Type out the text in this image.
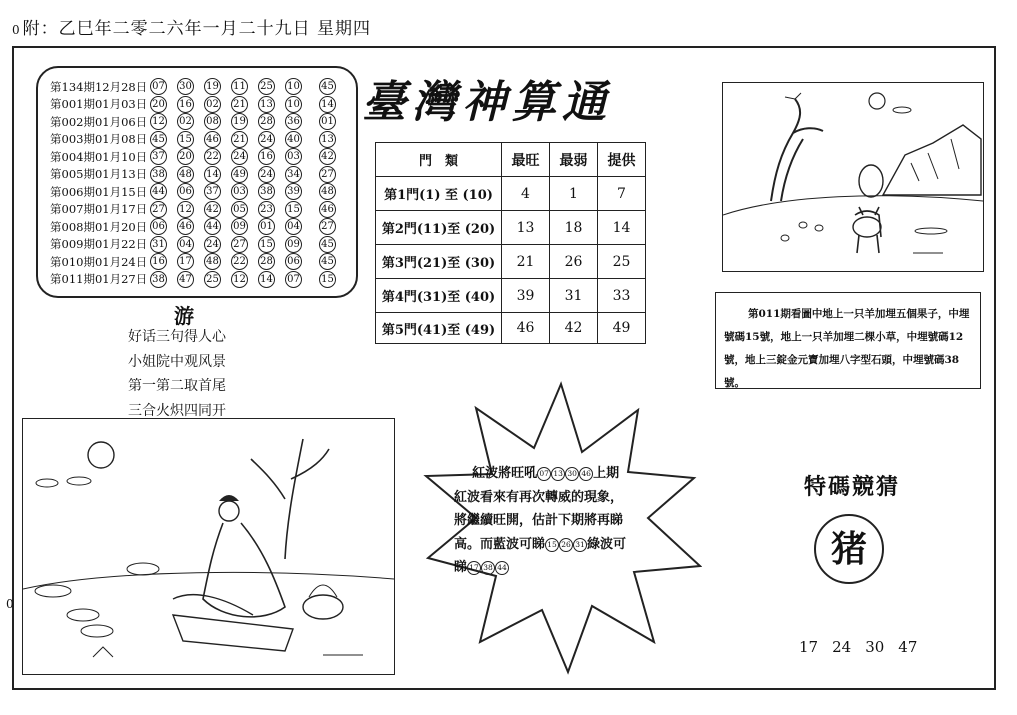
0 附：乙巳年二零二六年一月二十九日 星期四
0
第134期12月28日 07 30 19 11 25 10 45
第001期01月03日 20 16 02 21 13 10 14
第002期01月06日 12 02 08 19 28 36 01
第003期01月08日 45 15 46 21 24 40 13
第004期01月10日 37 20 22 24 16 03 42
第005期01月13日 38 48 14 49 24 34 27
第006期01月15日 44 06 37 03 38 39 48
第007期01月17日 27 12 42 05 23 15 46
第008期01月20日 06 46 44 09 01 04 27
第009期01月22日 31 04 24 27 15 09 45
第010期01月24日 16 17 48 22 28 06 45
第011期01月27日 38 47 25 12 14 07 15
游
好话三句得人心
小姐院中观风景
第一第二取首尾
三合火炽四同开
臺灣神算通
門　類	最旺	最弱	提供
第1門(1) 至 (10)	4	1	7
第2門(11)至 (20)	13	18	14
第3門(21)至 (30)	21	26	25
第4門(31)至 (40)	39	31	33
第5門(41)至 (49)	46	42	49
第011期看圖中地上一只羊加埋五個果子，中埋號碼15號，地上一只羊加埋二棵小草，中埋號碼12號，地上三錠金元寶加埋八字型石頭，中埋號碼38號。
紅波將旺吼 07 13 30 46 上期
紅波看來有再次轉威的現象，
將繼續旺開，估計下期將再睇
高。而藍波可睇 15 26 31 綠波可
睇 17 38 44
特碼競猜
猪
17 24 30 47
